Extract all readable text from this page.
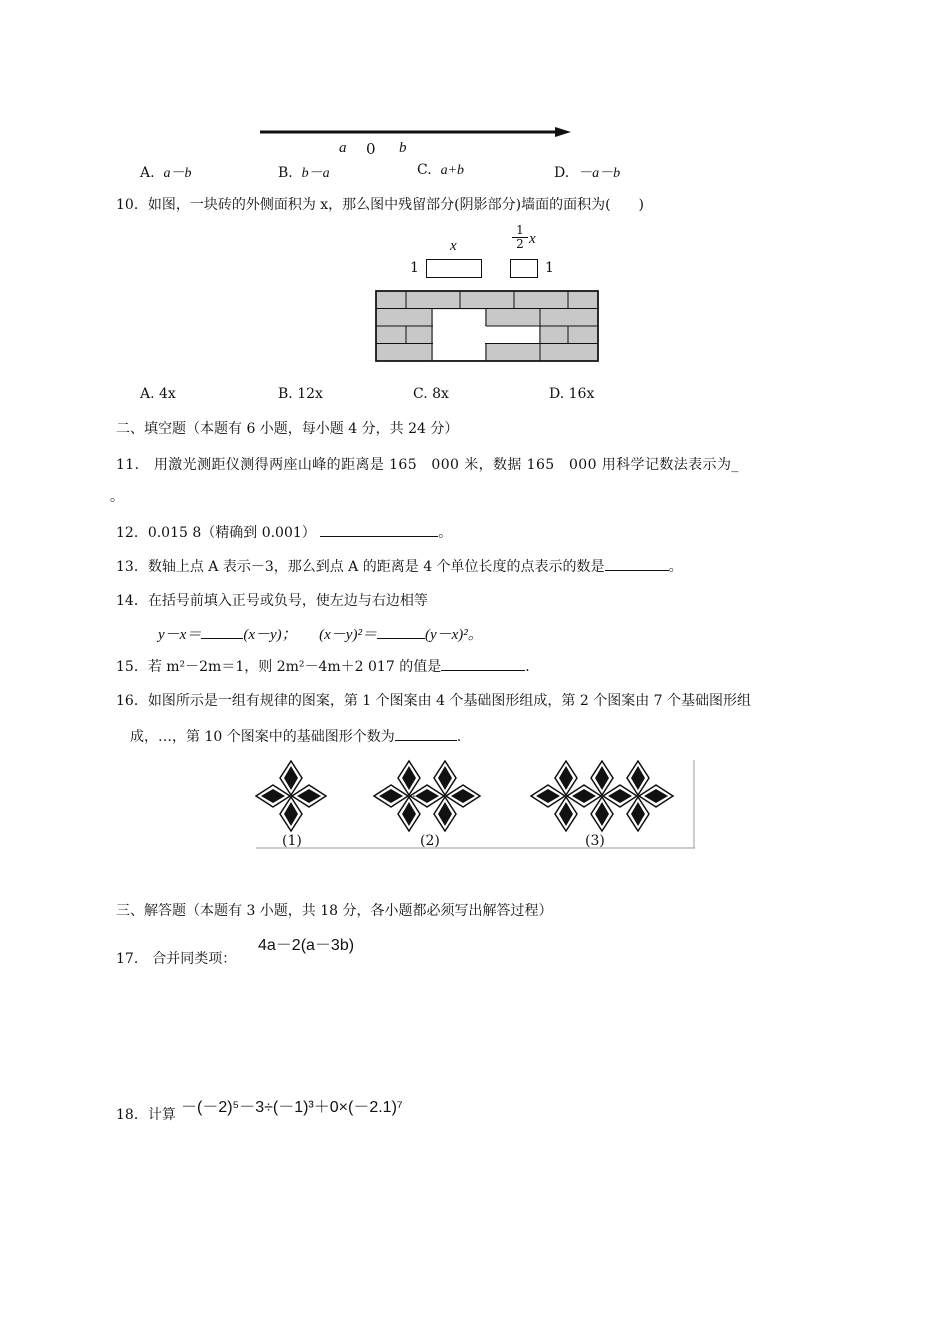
a 0 b
A. a－b	B. b－a	C. a+b	D. －a－b
10．如图，一块砖的外侧面积为 x，那么图中残留部分(阴影部分)墙面的面积为(　　)
x
1
1
2 x
1
A. 4x	B. 12x	C. 8x	D. 16x
二、填空题（本题有 6 小题，每小题 4 分，共 24 分）
11． 用激光测距仪测得两座山峰的距离是 165　000 米，数据 165　000 用科学记数法表示为_
。
12．0.015 8（精确到 0.001）	。
13．数轴上点 A 表示－3，那么到点 A 的距离是 4 个单位长度的点表示的数是	。
14．在括号前填入正号或负号，使左边与右边相等
y－x＝	(x－y)； (x－y)²＝	(y－x)²。
15．若 m²－2m＝1，则 2m²－4m＋2 017 的值是	.
16．如图所示是一组有规律的图案，第 1 个图案由 4 个基础图形组成，第 2 个图案由 7 个基础图形组
成，…，第 10 个图案中的基础图形个数为	.
……
(1)	(2)	(3)
三、解答题（本题有 3 小题，共 18 分，各小题都必须写出解答过程）
17.　合并同类项：
4a－2(a－3b)
18．计算 －(－2)⁵－3÷(－1)³＋0×(－2.1)⁷
